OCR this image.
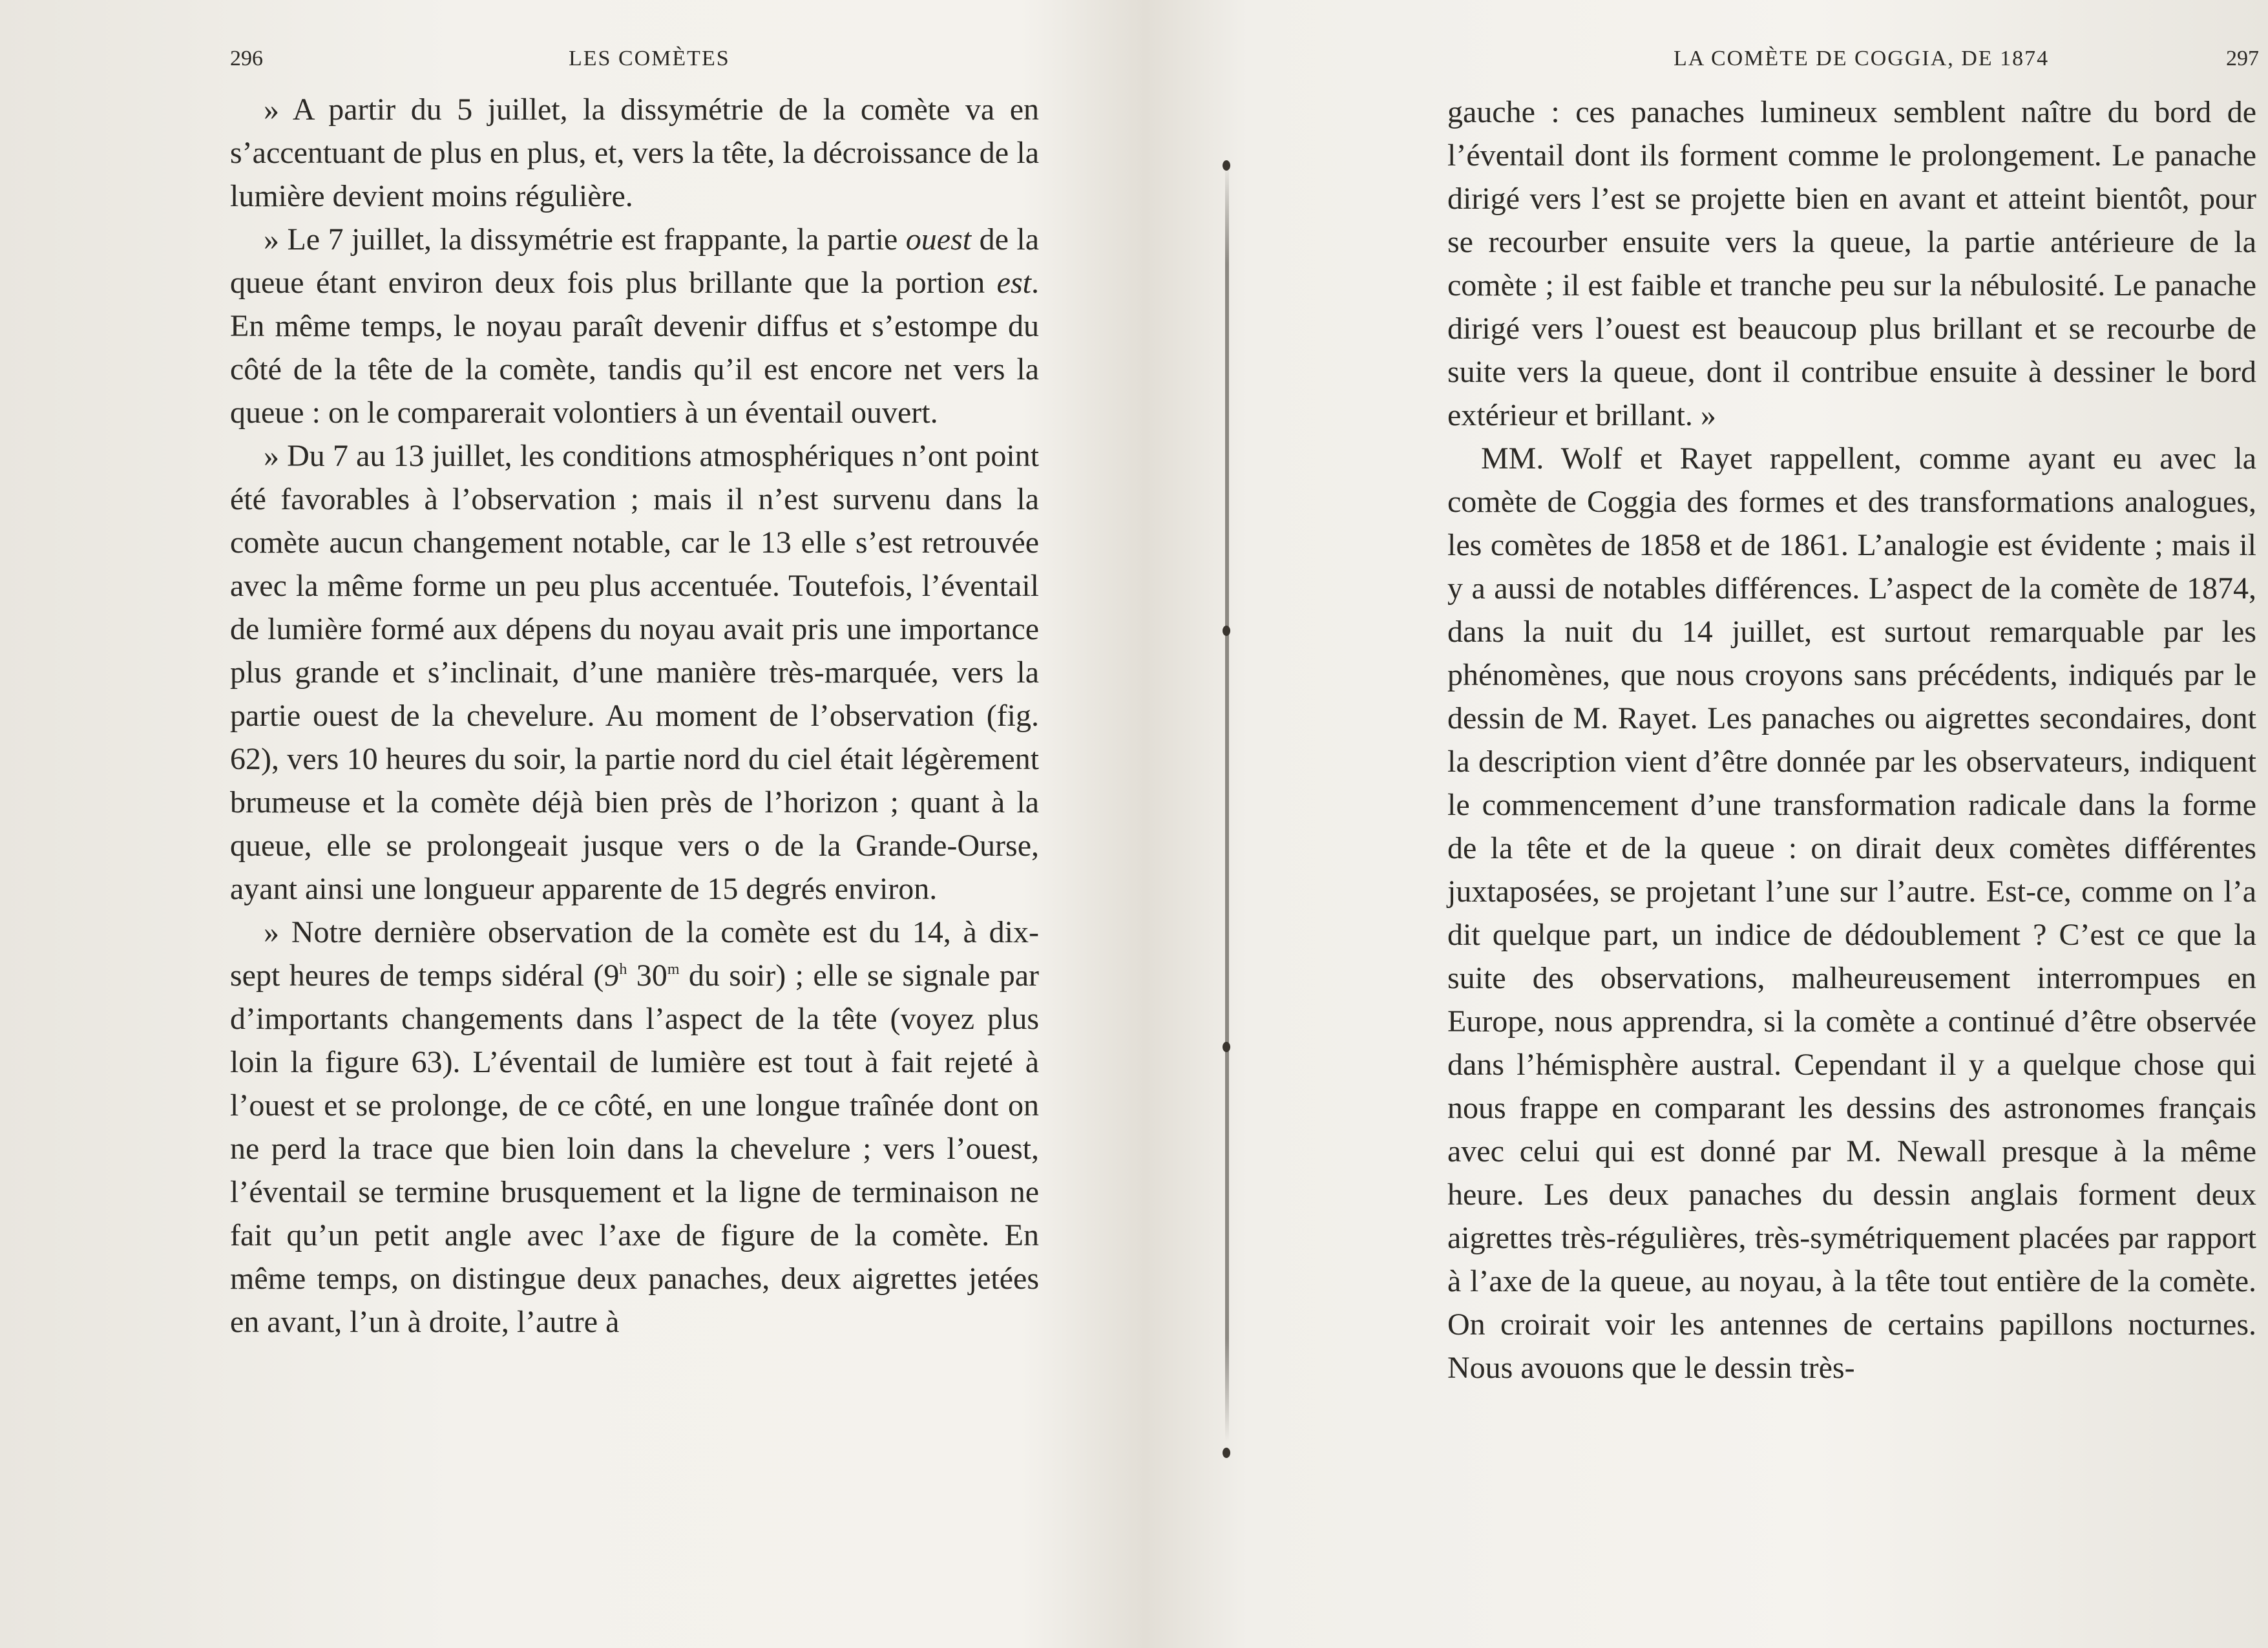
296	LES COMÈTES

» A partir du 5 juillet, la dissymétrie de la comète va en s’accentuant de plus en plus, et, vers la tête, la décroissance de la lumière devient moins régulière.

» Le 7 juillet, la dissymétrie est frappante, la partie ouest de la queue étant environ deux fois plus brillante que la portion est. En même temps, le noyau paraît devenir diffus et s’estompe du côté de la tête de la comète, tandis qu’il est encore net vers la queue : on le comparerait volontiers à un éventail ouvert.

» Du 7 au 13 juillet, les conditions atmosphériques n’ont point été favorables à l’observation ; mais il n’est survenu dans la comète aucun changement notable, car le 13 elle s’est retrouvée avec la même forme un peu plus accentuée. Toutefois, l’éventail de lumière formé aux dépens du noyau avait pris une importance plus grande et s’inclinait, d’une manière très-marquée, vers la partie ouest de la chevelure. Au moment de l’observation (fig. 62), vers 10 heures du soir, la partie nord du ciel était légèrement brumeuse et la comète déjà bien près de l’horizon ; quant à la queue, elle se prolongeait jusque vers ο de la Grande-Ourse, ayant ainsi une longueur apparente de 15 degrés environ.

» Notre dernière observation de la comète est du 14, à dix-sept heures de temps sidéral (9$^h$ 30$^m$ du soir) ; elle se signale par d’importants changements dans l’aspect de la tête (voyez plus loin la figure 63). L’éventail de lumière est tout à fait rejeté à l’ouest et se prolonge, de ce côté, en une longue traînée dont on ne perd la trace que bien loin dans la chevelure ; vers l’ouest, l’éventail se termine brusquement et la ligne de terminaison ne fait qu’un petit angle avec l’axe de figure de la comète. En même temps, on distingue deux panaches, deux aigrettes jetées en avant, l’un à droite, l’autre à

LA COMÈTE DE COGGIA, DE 1874	297

gauche : ces panaches lumineux semblent naître du bord de l’éventail dont ils forment comme le prolongement. Le panache dirigé vers l’est se projette bien en avant et atteint bientôt, pour se recourber ensuite vers la queue, la partie antérieure de la comète ; il est faible et tranche peu sur la nébulosité. Le panache dirigé vers l’ouest est beaucoup plus brillant et se recourbe de suite vers la queue, dont il contribue ensuite à dessiner le bord extérieur et brillant. »

MM. Wolf et Rayet rappellent, comme ayant eu avec la comète de Coggia des formes et des transformations analogues, les comètes de 1858 et de 1861. L’analogie est évidente ; mais il y a aussi de notables différences. L’aspect de la comète de 1874, dans la nuit du 14 juillet, est surtout remarquable par les phénomènes, que nous croyons sans précédents, indiqués par le dessin de M. Rayet. Les panaches ou aigrettes secondaires, dont la description vient d’être donnée par les observateurs, indiquent le commencement d’une transformation radicale dans la forme de la tête et de la queue : on dirait deux comètes différentes juxtaposées, se projetant l’une sur l’autre. Est-ce, comme on l’a dit quelque part, un indice de dédoublement ? C’est ce que la suite des observations, malheureusement interrompues en Europe, nous apprendra, si la comète a continué d’être observée dans l’hémisphère austral. Cependant il y a quelque chose qui nous frappe en comparant les dessins des astronomes français avec celui qui est donné par M. Newall presque à la même heure. Les deux panaches du dessin anglais forment deux aigrettes très-régulières, très-symétriquement placées par rapport à l’axe de la queue, au noyau, à la tête tout entière de la comète. On croirait voir les antennes de certains papillons nocturnes. Nous avouons que le dessin très-
